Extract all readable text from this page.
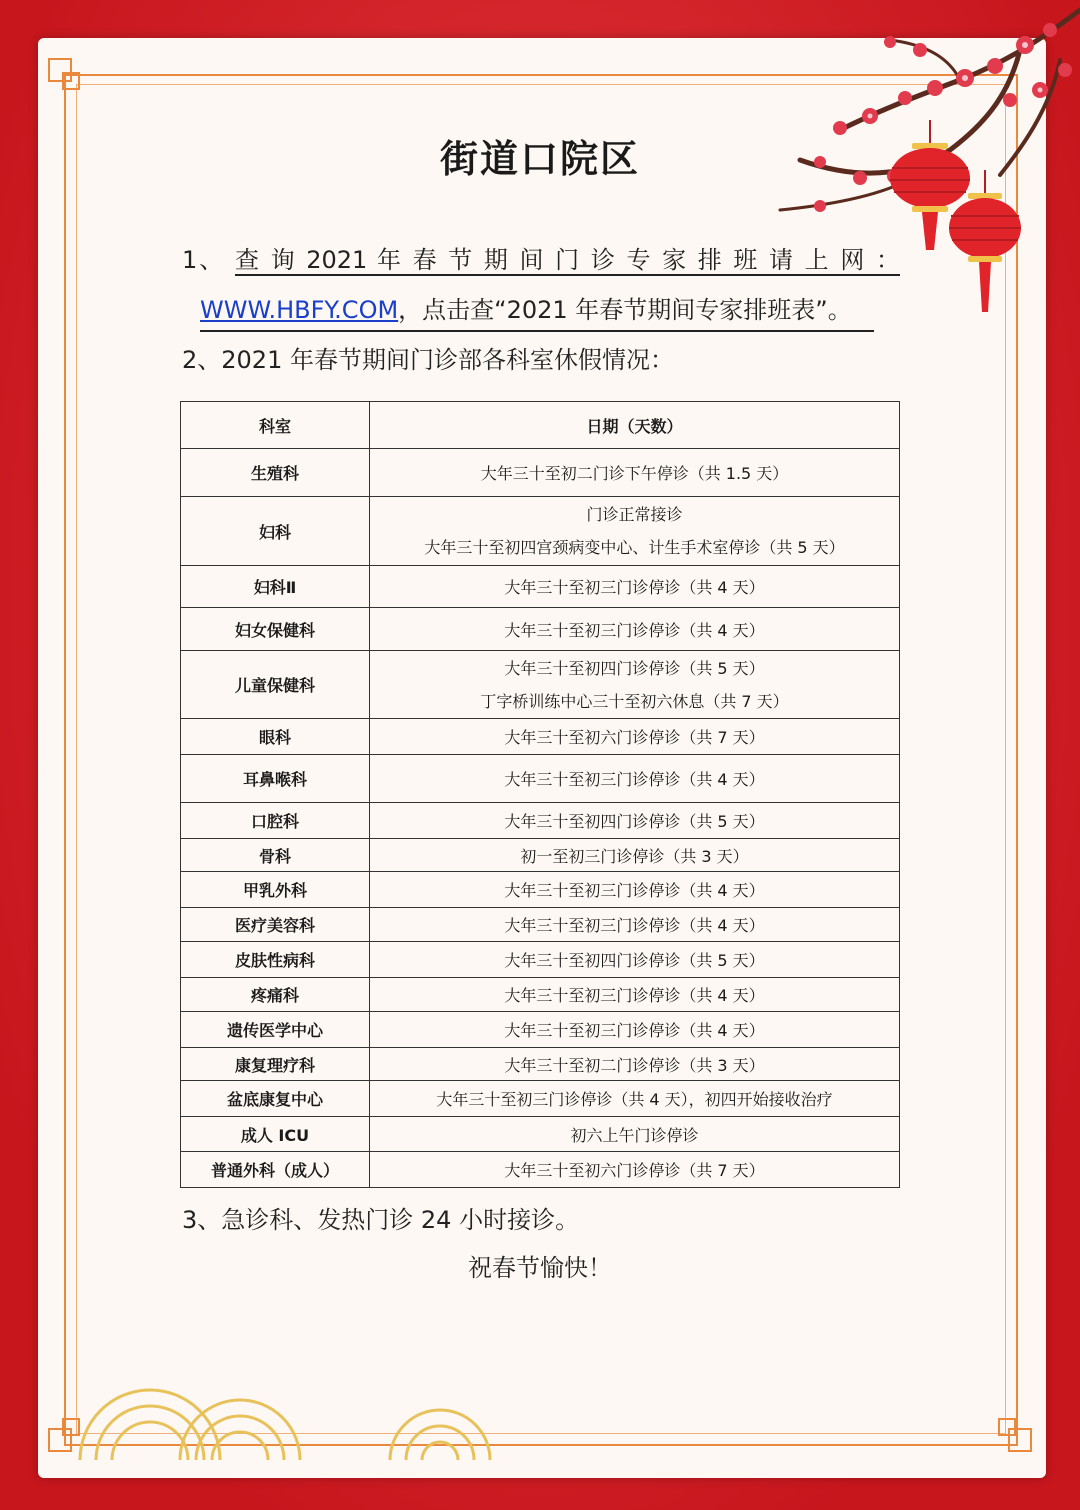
街道口院区
1、 查 询 2021 年 春 节 期 间 门 诊 专 家 排 班 请 上 网 ：
WWW.HBFY.COM，点击查“2021 年春节期间专家排班表”。
2、2021 年春节期间门诊部各科室休假情况：
科室	日期（天数）
生殖科	大年三十至初二门诊下午停诊（共 1.5 天）

妇科	门诊正常接诊
大年三十至初四宫颈病变中心、计生手术室停诊（共 5 天）

妇科Ⅱ	大年三十至初三门诊停诊（共 4 天）

妇女保健科	大年三十至初三门诊停诊（共 4 天）

儿童保健科	大年三十至初四门诊停诊（共 5 天）
丁字桥训练中心三十至初六休息（共 7 天）

眼科	大年三十至初六门诊停诊（共 7 天）

耳鼻喉科	大年三十至初三门诊停诊（共 4 天）

口腔科	大年三十至初四门诊停诊（共 5 天）

骨科	初一至初三门诊停诊（共 3 天）

甲乳外科	大年三十至初三门诊停诊（共 4 天）

医疗美容科	大年三十至初三门诊停诊（共 4 天）

皮肤性病科	大年三十至初四门诊停诊（共 5 天）

疼痛科	大年三十至初三门诊停诊（共 4 天）

遗传医学中心	大年三十至初三门诊停诊（共 4 天）

康复理疗科	大年三十至初二门诊停诊（共 3 天）

盆底康复中心	大年三十至初三门诊停诊（共 4 天），初四开始接收治疗

成人 ICU	初六上午门诊停诊

普通外科（成人）	大年三十至初六门诊停诊（共 7 天）
3、急诊科、发热门诊 24 小时接诊。
祝春节愉快！
